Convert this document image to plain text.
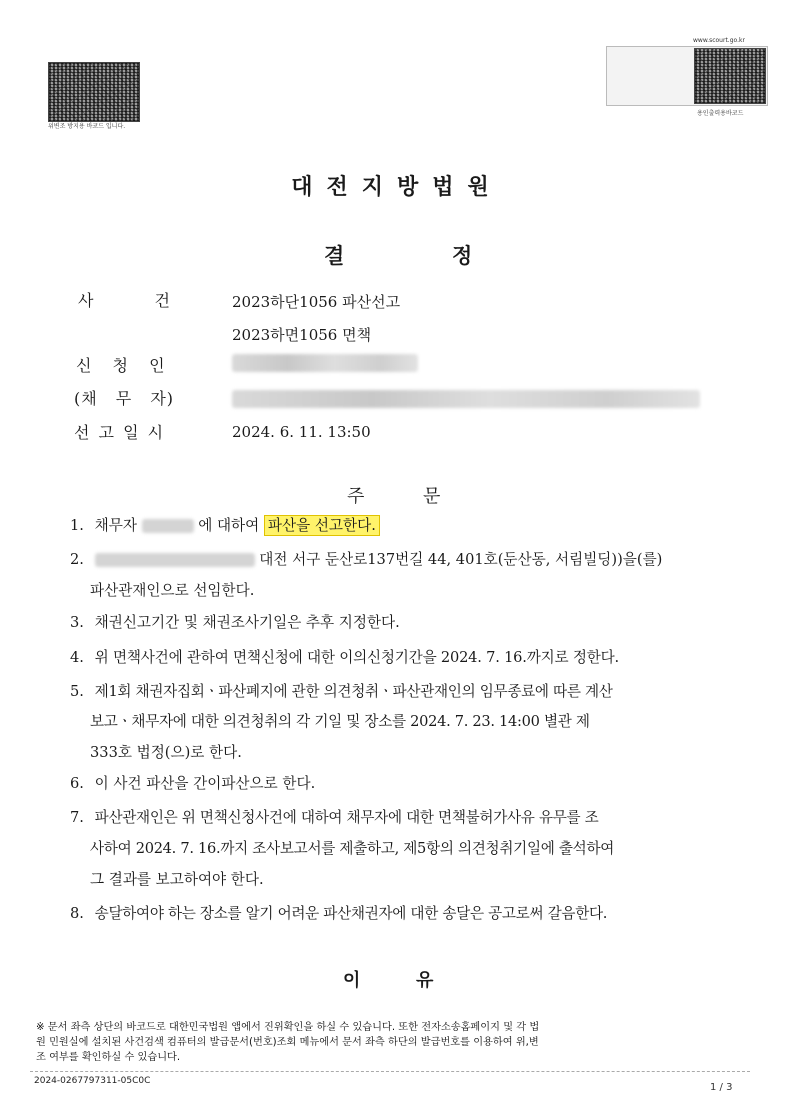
위변조 방지용 바코드 입니다.
www.scourt.go.kr
용인출력용바코드
대전지방법원
결	정
사 건	2023하단1056 파산선고
2023하면1056 면책
신 청 인
(채 무 자)
선 고 일 시	2024. 6. 11. 13:50
주	문
1. 채무자	에 대하여 파산을 선고한다.
2.	대전 서구 둔산로137번길 44, 401호(둔산동, 서림빌딩))을(를)
파산관재인으로 선임한다.
3. 채권신고기간 및 채권조사기일은 추후 지정한다.
4. 위 면책사건에 관하여 면책신청에 대한 이의신청기간을 2024. 7. 16.까지로 정한다.
5. 제1회 채권자집회ㆍ파산폐지에 관한 의견청취ㆍ파산관재인의 임무종료에 따른 계산
보고ㆍ채무자에 대한 의견청취의 각 기일 및 장소를 2024. 7. 23. 14:00 별관 제
333호 법정(으)로 한다.
6. 이 사건 파산을 간이파산으로 한다.
7. 파산관재인은 위 면책신청사건에 대하여 채무자에 대한 면책불허가사유 유무를 조
사하여 2024. 7. 16.까지 조사보고서를 제출하고, 제5항의 의견청취기일에 출석하여
그 결과를 보고하여야 한다.
8. 송달하여야 하는 장소를 알기 어려운 파산채권자에 대한 송달은 공고로써 갈음한다.
이	유
※ 문서 좌측 상단의 바코드로 대한민국법원 앱에서 진위확인을 하실 수 있습니다. 또한 전자소송홈페이지 및 각 법
원 민원실에 설치된 사건검색 컴퓨터의 발급문서(번호)조회 메뉴에서 문서 좌측 하단의 발급번호를 이용하여 위,변
조 여부를 확인하실 수 있습니다.
2024-0267797311-05C0C
1 / 3
